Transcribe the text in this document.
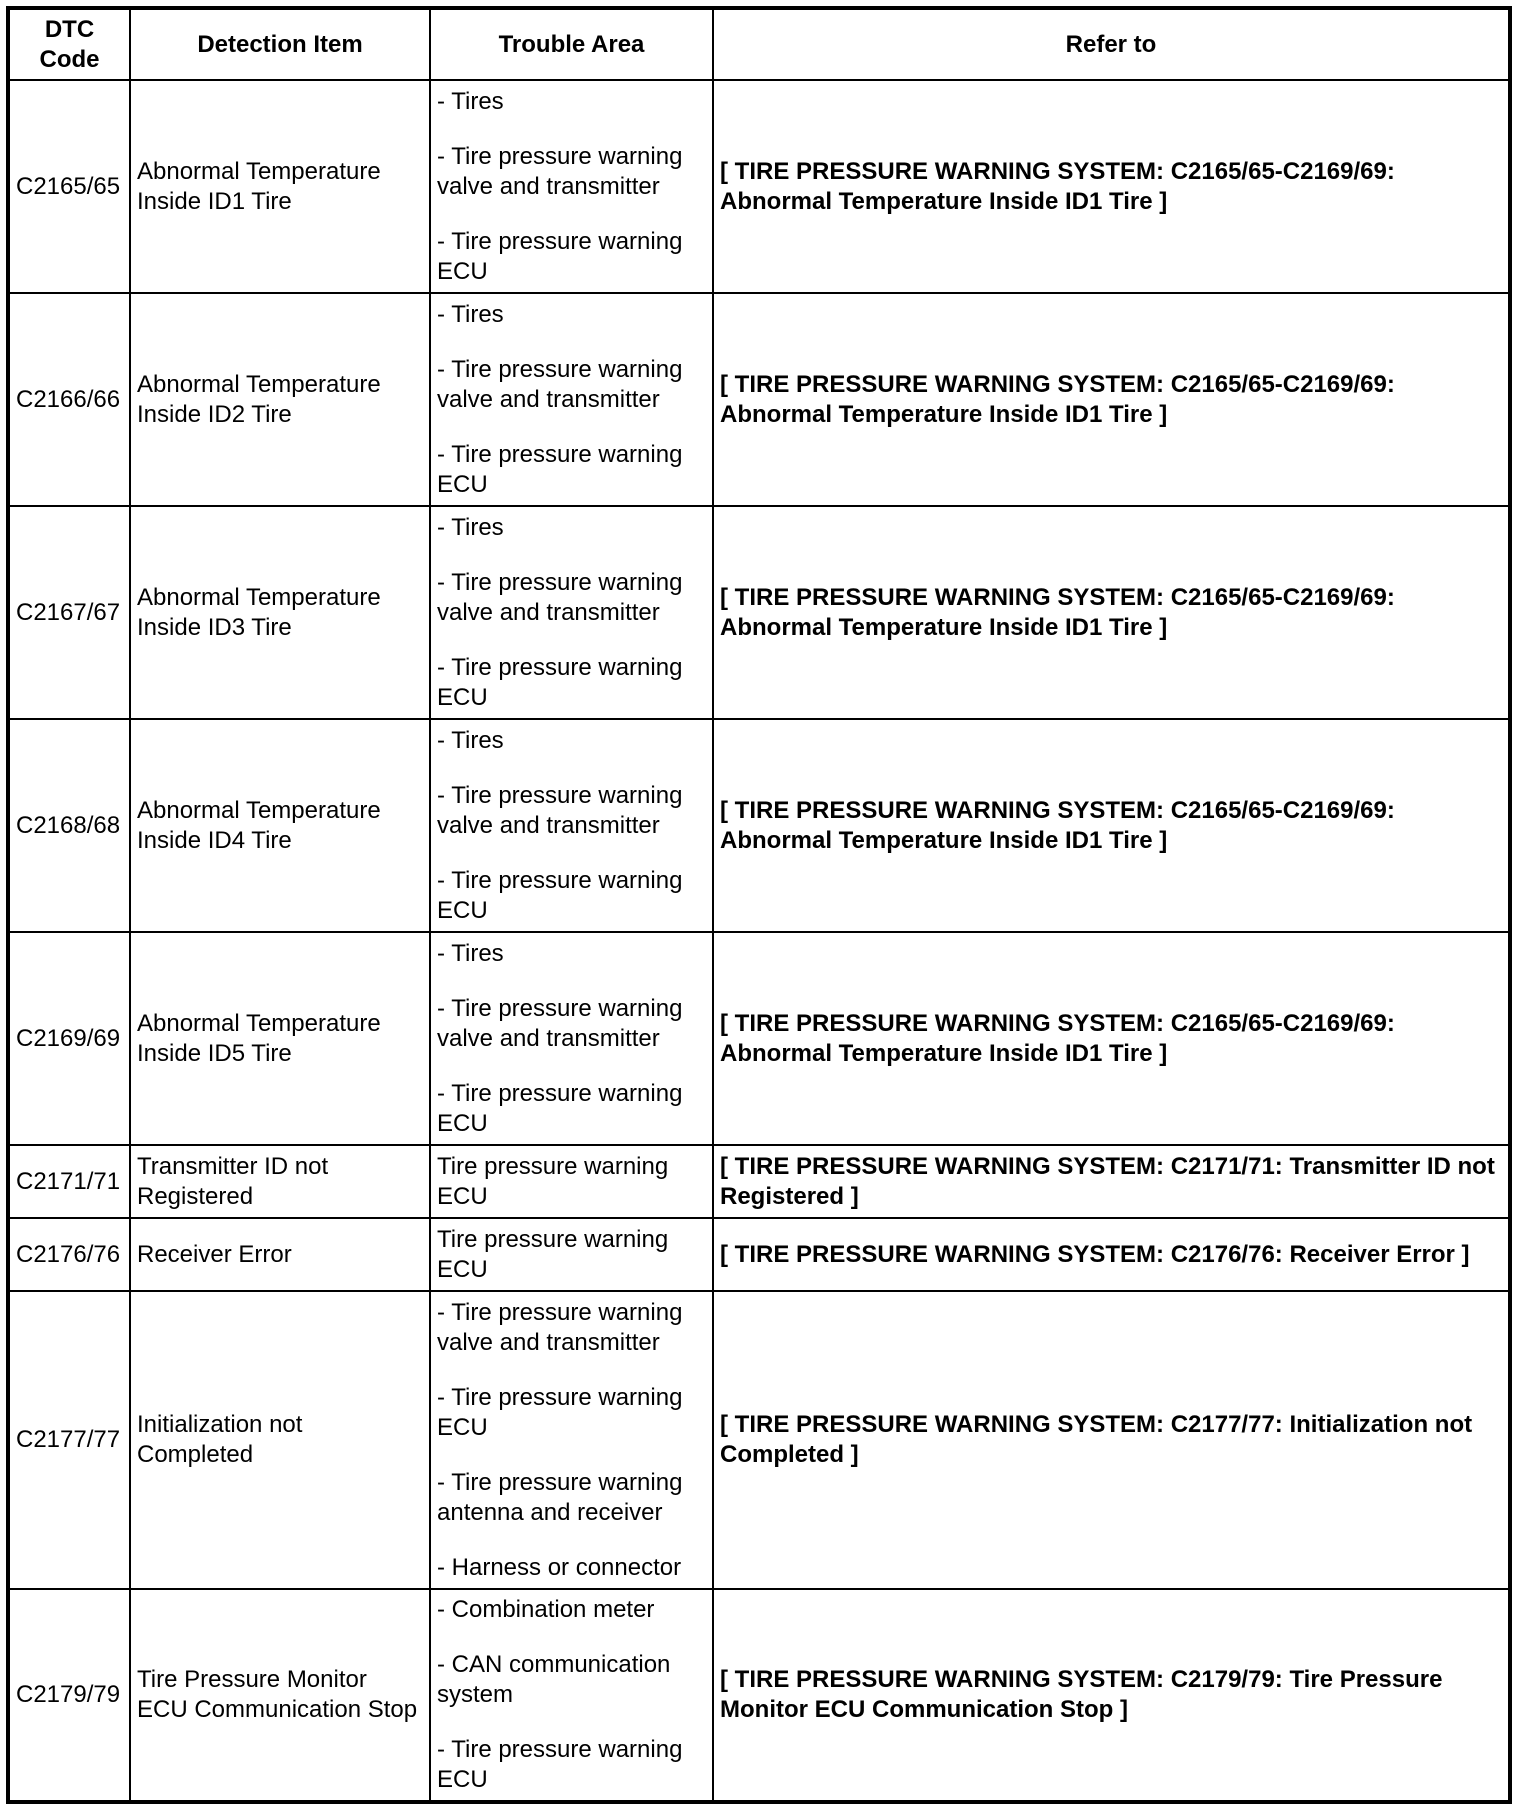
DTC Code	Detection Item	Trouble Area	Refer to
C2165/65	Abnormal Temperature Inside ID1 Tire	- Tires
- Tire pressure warning valve and transmitter
- Tire pressure warning ECU	[ TIRE PRESSURE WARNING SYSTEM: C2165/65-C2169/69: Abnormal Temperature Inside ID1 Tire ]
C2166/66	Abnormal Temperature Inside ID2 Tire	- Tires
- Tire pressure warning valve and transmitter
- Tire pressure warning ECU	[ TIRE PRESSURE WARNING SYSTEM: C2165/65-C2169/69: Abnormal Temperature Inside ID1 Tire ]
C2167/67	Abnormal Temperature Inside ID3 Tire	- Tires
- Tire pressure warning valve and transmitter
- Tire pressure warning ECU	[ TIRE PRESSURE WARNING SYSTEM: C2165/65-C2169/69: Abnormal Temperature Inside ID1 Tire ]
C2168/68	Abnormal Temperature Inside ID4 Tire	- Tires
- Tire pressure warning valve and transmitter
- Tire pressure warning ECU	[ TIRE PRESSURE WARNING SYSTEM: C2165/65-C2169/69: Abnormal Temperature Inside ID1 Tire ]
C2169/69	Abnormal Temperature Inside ID5 Tire	- Tires
- Tire pressure warning valve and transmitter
- Tire pressure warning ECU	[ TIRE PRESSURE WARNING SYSTEM: C2165/65-C2169/69: Abnormal Temperature Inside ID1 Tire ]
C2171/71	Transmitter ID not Registered	Tire pressure warning ECU	[ TIRE PRESSURE WARNING SYSTEM: C2171/71: Transmitter ID not Registered ]
C2176/76	Receiver Error	Tire pressure warning ECU	[ TIRE PRESSURE WARNING SYSTEM: C2176/76: Receiver Error ]
C2177/77	Initialization not Completed	- Tire pressure warning valve and transmitter
- Tire pressure warning ECU
- Tire pressure warning antenna and receiver
- Harness or connector	[ TIRE PRESSURE WARNING SYSTEM: C2177/77: Initialization not Completed ]
C2179/79	Tire Pressure Monitor ECU Communication Stop	- Combination meter
- CAN communication system
- Tire pressure warning ECU	[ TIRE PRESSURE WARNING SYSTEM: C2179/79: Tire Pressure Monitor ECU Communication Stop ]
